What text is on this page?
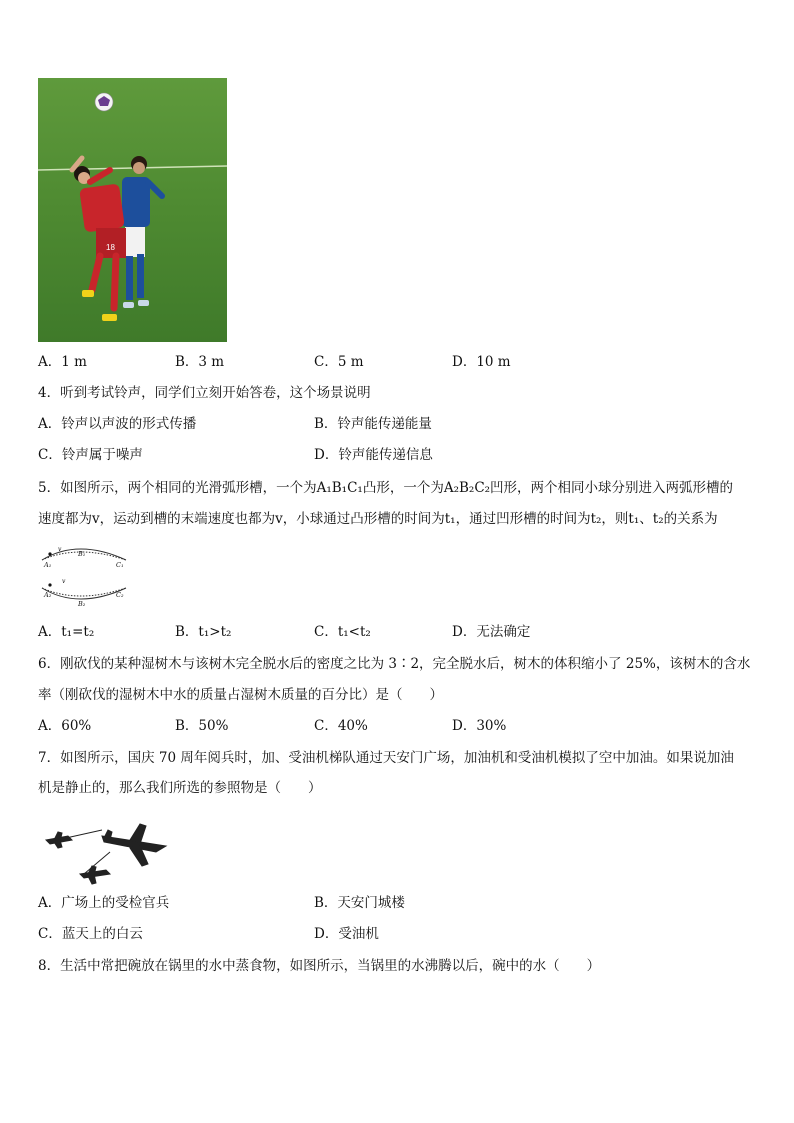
18
A．1 m	B．3 m	C．5 m	D．10 m
4．听到考试铃声，同学们立刻开始答卷，这个场景说明
A．铃声以声波的形式传播	B．铃声能传递能量
C．铃声属于噪声	D．铃声能传递信息
5．如图所示，两个相同的光滑弧形槽，一个为A₁B₁C₁凸形，一个为A₂B₂C₂凹形，两个相同小球分别进入两弧形槽的
速度都为v，运动到槽的末端速度也都为v，小球通过凸形槽的时间为t₁，通过凹形槽的时间为t₂，则t₁、t₂的关系为
v
v
A₁
B₁
C₁
A₂
B₂
C₂
A．t₁=t₂	B．t₁>t₂	C．t₁<t₂	D．无法确定
6．刚砍伐的某种湿树木与该树木完全脱水后的密度之比为 3∶2，完全脱水后，树木的体积缩小了 25%，该树木的含水
率（刚砍伐的湿树木中水的质量占湿树木质量的百分比）是（　　）
A．60%	B．50%	C．40%	D．30%
7．如图所示，国庆 70 周年阅兵时，加、受油机梯队通过天安门广场，加油机和受油机模拟了空中加油。如果说加油
机是静止的，那么我们所选的参照物是（　　）
A．广场上的受检官兵	B．天安门城楼
C．蓝天上的白云	D．受油机
8．生活中常把碗放在锅里的水中蒸食物，如图所示，当锅里的水沸腾以后，碗中的水（　　）
